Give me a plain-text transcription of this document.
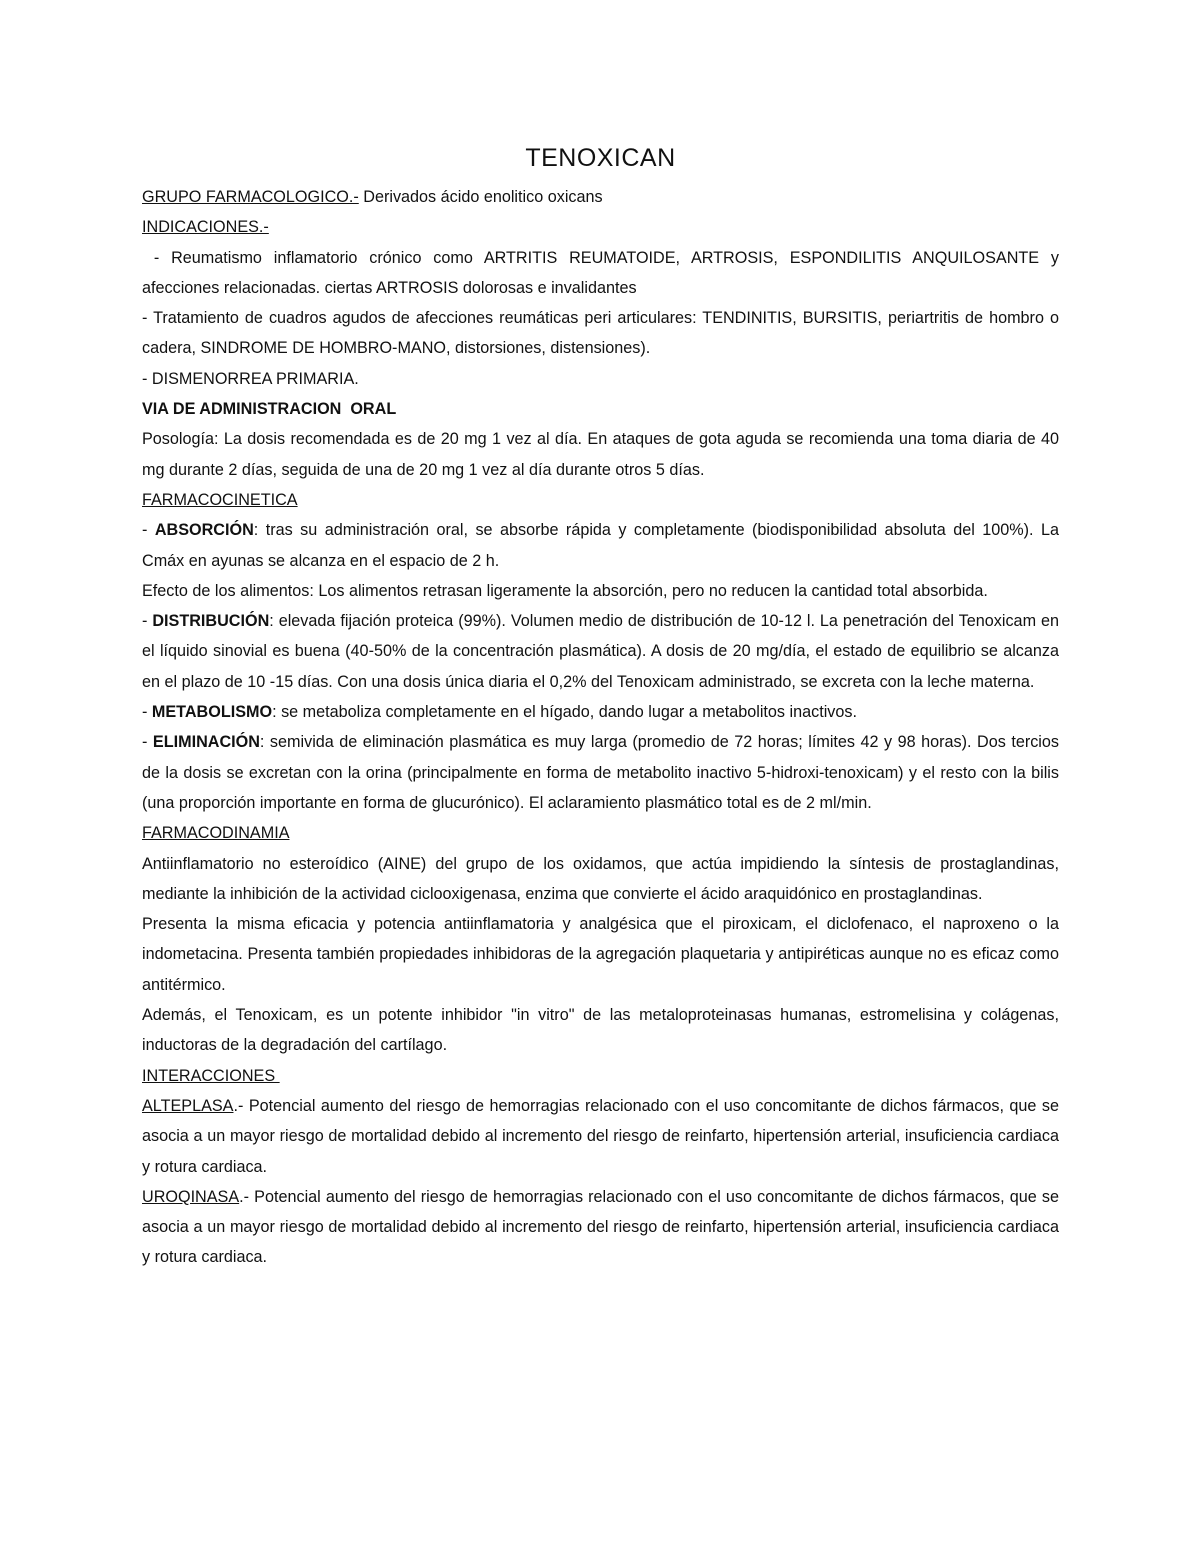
TENOXICAN

GRUPO FARMACOLOGICO.- Derivados ácido enolitico oxicans

INDICACIONES.-

- Reumatismo inflamatorio crónico como ARTRITIS REUMATOIDE, ARTROSIS, ESPONDILITIS ANQUILOSANTE y afecciones relacionadas. ciertas ARTROSIS dolorosas e invalidantes

- Tratamiento de cuadros agudos de afecciones reumáticas peri articulares: TENDINITIS, BURSITIS, periartritis de hombro o cadera, SINDROME DE HOMBRO-MANO, distorsiones, distensiones).

- DISMENORREA PRIMARIA.

VIA DE ADMINISTRACION  ORAL

Posología: La dosis recomendada es de 20 mg 1 vez al día. En ataques de gota aguda se recomienda una toma diaria de 40 mg durante 2 días, seguida de una de 20 mg 1 vez al día durante otros 5 días.

FARMACOCINETICA

- ABSORCIÓN: tras su administración oral, se absorbe rápida y completamente (biodisponibilidad absoluta del 100%). La Cmáx en ayunas se alcanza en el espacio de 2 h.

Efecto de los alimentos: Los alimentos retrasan ligeramente la absorción, pero no reducen la cantidad total absorbida.

- DISTRIBUCIÓN: elevada fijación proteica (99%). Volumen medio de distribución de 10-12 l. La penetración del Tenoxicam en el líquido sinovial es buena (40-50% de la concentración plasmática). A dosis de 20 mg/día, el estado de equilibrio se alcanza en el plazo de 10 -15 días. Con una dosis única diaria el 0,2% del Tenoxicam administrado, se excreta con la leche materna.

- METABOLISMO: se metaboliza completamente en el hígado, dando lugar a metabolitos inactivos.

- ELIMINACIÓN: semivida de eliminación plasmática es muy larga (promedio de 72 horas; límites 42 y 98 horas). Dos tercios de la dosis se excretan con la orina (principalmente en forma de metabolito inactivo 5-hidroxi-tenoxicam) y el resto con la bilis (una proporción importante en forma de glucurónico). El aclaramiento plasmático total es de 2 ml/min.

FARMACODINAMIA

Antiinflamatorio no esteroídico (AINE) del grupo de los oxidamos, que actúa impidiendo la síntesis de prostaglandinas, mediante la inhibición de la actividad ciclooxigenasa, enzima que convierte el ácido araquidónico en prostaglandinas.

Presenta la misma eficacia y potencia antiinflamatoria y analgésica que el piroxicam, el diclofenaco, el naproxeno o la indometacina. Presenta también propiedades inhibidoras de la agregación plaquetaria y antipiréticas aunque no es eficaz como antitérmico.

Además, el Tenoxicam, es un potente inhibidor "in vitro" de las metaloproteinasas humanas, estromelisina y colágenas, inductoras de la degradación del cartílago.

INTERACCIONES

ALTEPLASA.- Potencial aumento del riesgo de hemorragias relacionado con el uso concomitante de dichos fármacos, que se asocia a un mayor riesgo de mortalidad debido al incremento del riesgo de reinfarto, hipertensión arterial, insuficiencia cardiaca y rotura cardiaca.

UROQINASA.- Potencial aumento del riesgo de hemorragias relacionado con el uso concomitante de dichos fármacos, que se asocia a un mayor riesgo de mortalidad debido al incremento del riesgo de reinfarto, hipertensión arterial, insuficiencia cardiaca y rotura cardiaca.
